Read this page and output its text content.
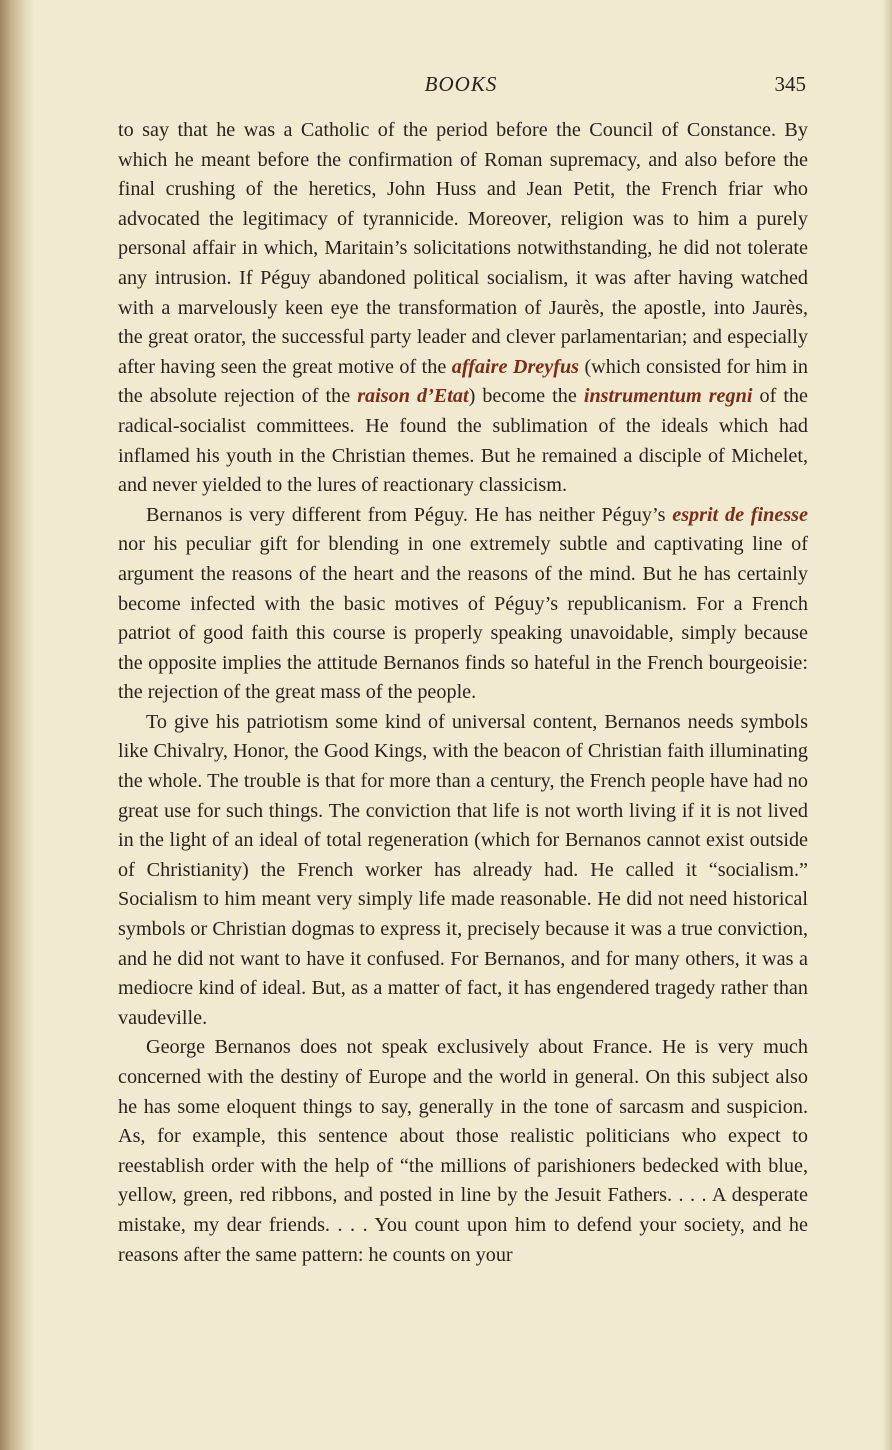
BOOKS	345

to say that he was a Catholic of the period before the Council of Constance. By which he meant before the confirmation of Roman supremacy, and also before the final crushing of the heretics, John Huss and Jean Petit, the French friar who advocated the legitimacy of tyrannicide. Moreover, religion was to him a purely personal affair in which, Maritain’s solicitations notwithstanding, he did not tolerate any intrusion. If Péguy abandoned political socialism, it was after having watched with a marvelously keen eye the transformation of Jaurès, the apostle, into Jaurès, the great orator, the successful party leader and clever parlamentarian; and especially after having seen the great motive of the affaire Dreyfus (which consisted for him in the absolute rejection of the raison d’Etat) become the instrumentum regni of the radical-socialist committees. He found the sublimation of the ideals which had inflamed his youth in the Christian themes. But he remained a disciple of Michelet, and never yielded to the lures of reactionary classicism.

Bernanos is very different from Péguy. He has neither Péguy’s esprit de finesse nor his peculiar gift for blending in one extremely subtle and captivating line of argument the reasons of the heart and the reasons of the mind. But he has certainly become infected with the basic motives of Péguy’s republicanism. For a French patriot of good faith this course is properly speaking unavoidable, simply because the opposite implies the attitude Bernanos finds so hateful in the French bourgeoisie: the rejection of the great mass of the people.

To give his patriotism some kind of universal content, Bernanos needs symbols like Chivalry, Honor, the Good Kings, with the beacon of Christian faith illuminating the whole. The trouble is that for more than a century, the French people have had no great use for such things. The conviction that life is not worth living if it is not lived in the light of an ideal of total regeneration (which for Bernanos cannot exist outside of Christianity) the French worker has already had. He called it “socialism.” Socialism to him meant very simply life made reasonable. He did not need historical symbols or Christian dogmas to express it, precisely because it was a true conviction, and he did not want to have it confused. For Bernanos, and for many others, it was a mediocre kind of ideal. But, as a matter of fact, it has engendered tragedy rather than vaudeville.

George Bernanos does not speak exclusively about France. He is very much concerned with the destiny of Europe and the world in general. On this subject also he has some eloquent things to say, generally in the tone of sarcasm and suspicion. As, for example, this sentence about those realistic politicians who expect to reestablish order with the help of “the millions of parishioners bedecked with blue, yellow, green, red ribbons, and posted in line by the Jesuit Fathers. . . . A desperate mistake, my dear friends. . . . You count upon him to defend your society, and he reasons after the same pattern: he counts on your
